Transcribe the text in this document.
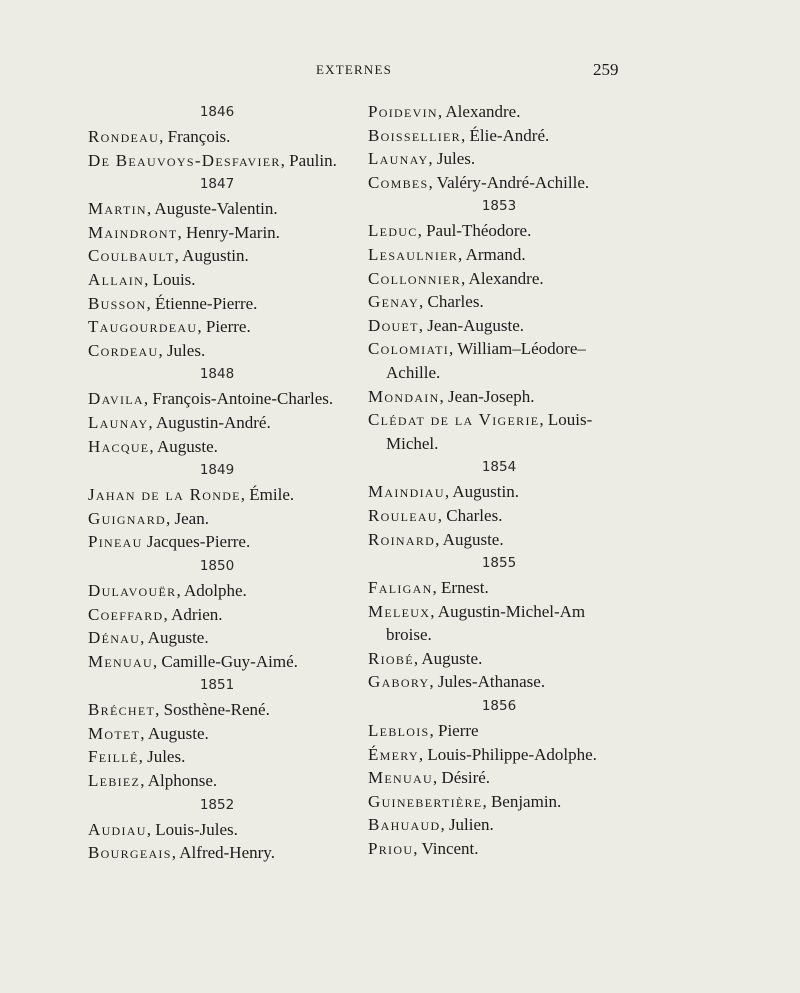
EXTERNES	259
1846
Rondeau, François.
De Beauvoys-Desfavier, Paulin.
1847
Martin, Auguste-Valentin.
Maindront, Henry-Marin.
Coulbault, Augustin.
Allain, Louis.
Busson, Étienne-Pierre.
Taugourdeau, Pierre.
Cordeau, Jules.
1848
Davila, François-Antoine-Charles.
Launay, Augustin-André.
Hacque, Auguste.
1849
Jahan de la Ronde, Émile.
Guignard, Jean.
Pineau Jacques-Pierre.
1850
Dulavouër, Adolphe.
Coeffard, Adrien.
Dénau, Auguste.
Menuau, Camille-Guy-Aimé.
1851
Bréchet, Sosthène-René.
Motet, Auguste.
Feillé, Jules.
Lebiez, Alphonse.
1852
Audiau, Louis-Jules.
Bourgeais, Alfred-Henry.
Poidevin, Alexandre.
Boissellier, Élie-André.
Launay, Jules.
Combes, Valéry-André-Achille.
1853
Leduc, Paul-Théodore.
Lesaulnier, Armand.
Collonnier, Alexandre.
Genay, Charles.
Douet, Jean-Auguste.
Colomiati, William–Léodore–
Achille.
Mondain, Jean-Joseph.
Clédat de la Vigerie, Louis-
Michel.
1854
Maindiau, Augustin.
Rouleau, Charles.
Roinard, Auguste.
1855
Faligan, Ernest.
Meleux, Augustin-Michel-Am
broise.
Riobé, Auguste.
Gabory, Jules-Athanase.
1856
Leblois, Pierre
Émery, Louis-Philippe-Adolphe.
Menuau, Désiré.
Guinebertière, Benjamin.
Bahuaud, Julien.
Priou, Vincent.
